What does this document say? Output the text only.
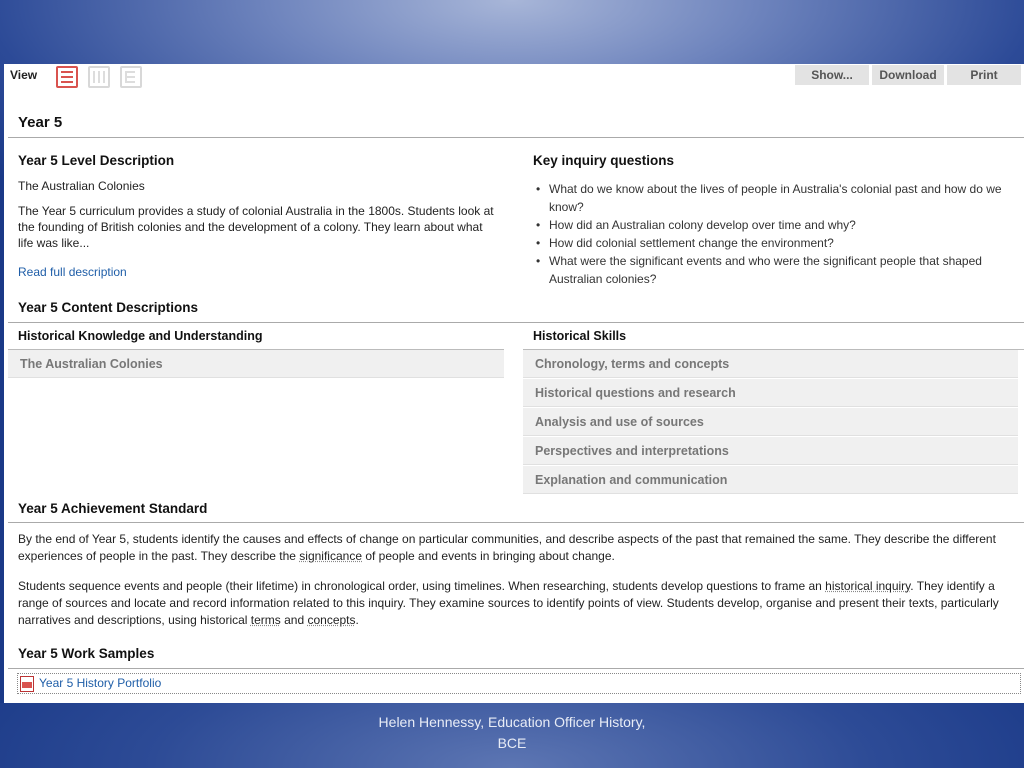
View	Show...	Download	Print
Year 5
Year 5 Level Description
The Australian Colonies
The Year 5 curriculum provides a study of colonial Australia in the 1800s. Students look at the founding of British colonies and the development of a colony. They learn about what life was like...
Read full description
Key inquiry questions
• What do we know about the lives of people in Australia's colonial past and how do we know?
• How did an Australian colony develop over time and why?
• How did colonial settlement change the environment?
• What were the significant events and who were the significant people that shaped Australian colonies?
Year 5 Content Descriptions
Historical Knowledge and Understanding
The Australian Colonies
Historical Skills
Chronology, terms and concepts
Historical questions and research
Analysis and use of sources
Perspectives and interpretations
Explanation and communication
Year 5 Achievement Standard
By the end of Year 5, students identify the causes and effects of change on particular communities, and describe aspects of the past that remained the same. They describe the different experiences of people in the past. They describe the significance of people and events in bringing about change.
Students sequence events and people (their lifetime) in chronological order, using timelines. When researching, students develop questions to frame an historical inquiry. They identify a range of sources and locate and record information related to this inquiry. They examine sources to identify points of view. Students develop, organise and present their texts, particularly narratives and descriptions, using historical terms and concepts.
Year 5 Work Samples
Year 5 History Portfolio
Helen Hennessy, Education Officer History,
BCE
